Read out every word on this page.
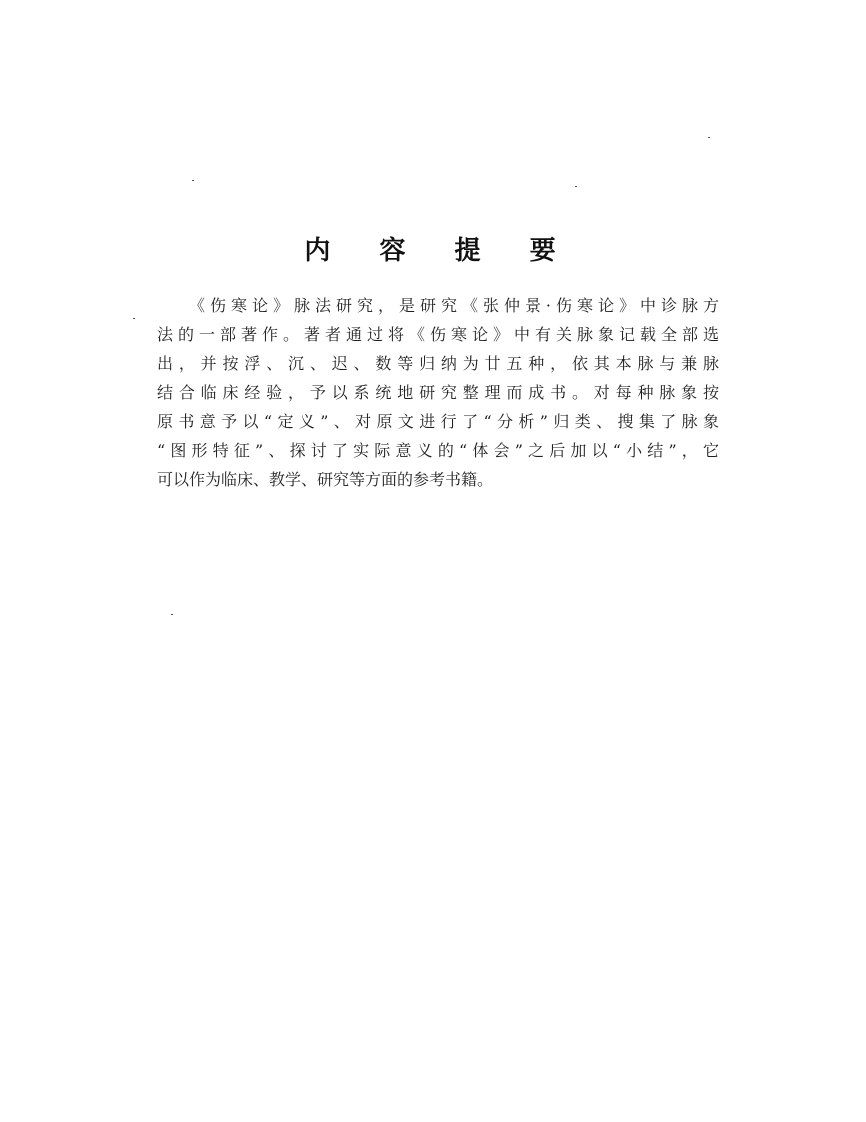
内 容 提 要
《伤寒论》脉法研究，是研究《张仲景·伤寒论》中诊脉方
法的一部著作。著者通过将《伤寒论》中有关脉象记载全部选
出，并按浮、沉、迟、数等归纳为廿五种，依其本脉与兼脉
结合临床经验，予以系统地研究整理而成书。对每种脉象按
原书意予以“定义”、对原文进行了“分析”归类、搜集了脉象
“图形特征”、探讨了实际意义的“体会”之后加以“小结”，它
可以作为临床、教学、研究等方面的参考书籍。
